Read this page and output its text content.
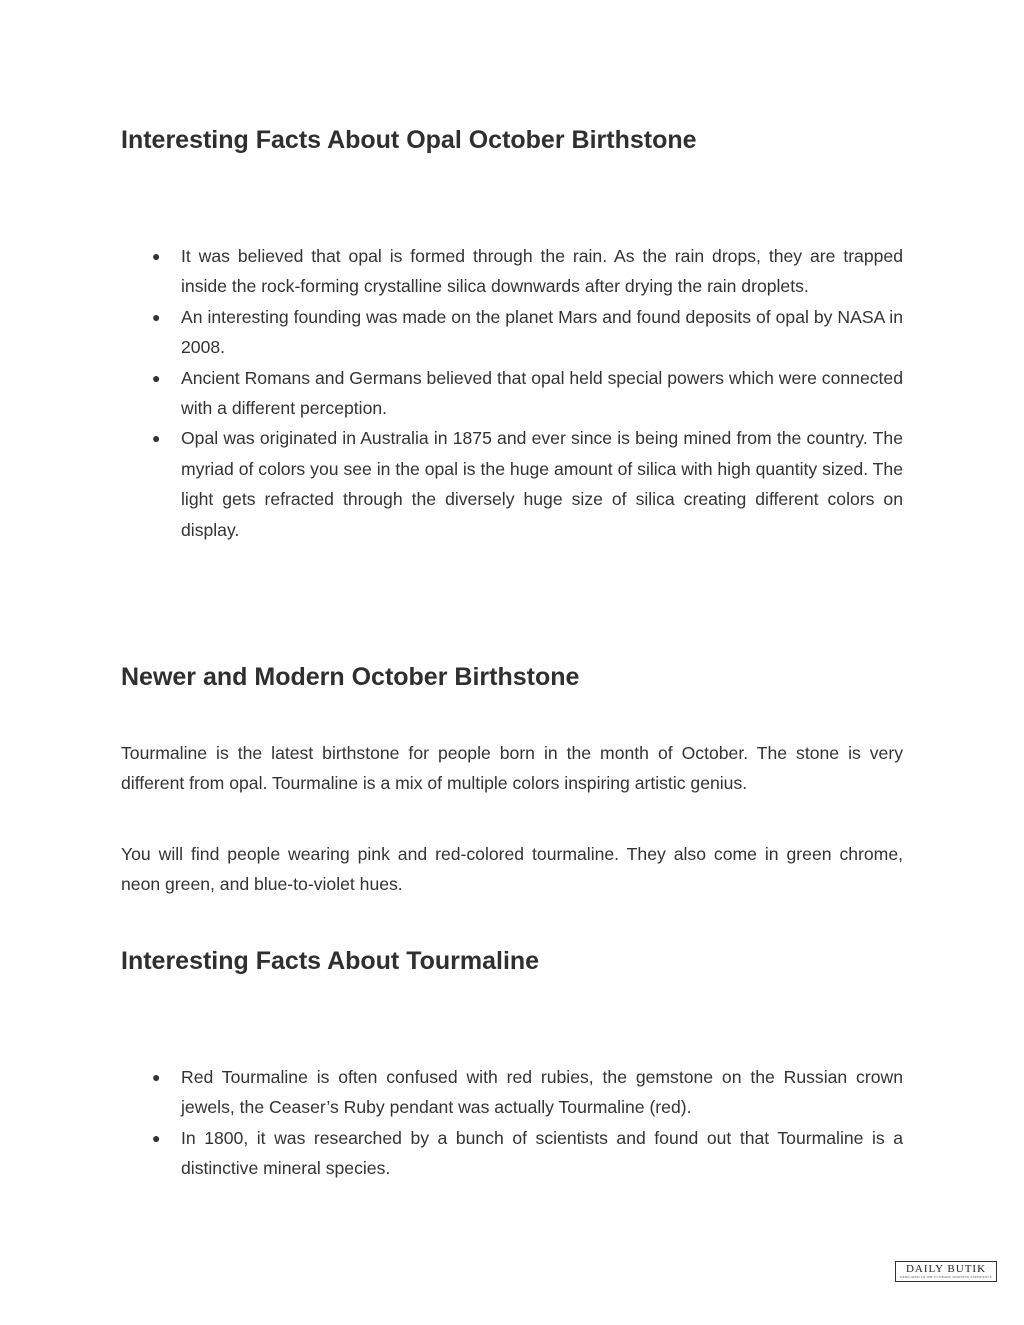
Interesting Facts About Opal October Birthstone
● It was believed that opal is formed through the rain. As the rain drops, they are trapped inside the rock-forming crystalline silica downwards after drying the rain droplets.
● An interesting founding was made on the planet Mars and found deposits of opal by NASA in 2008.
● Ancient Romans and Germans believed that opal held special powers which were connected with a different perception.
● Opal was originated in Australia in 1875 and ever since is being mined from the country. The myriad of colors you see in the opal is the huge amount of silica with high quantity sized. The light gets refracted through the diversely huge size of silica creating different colors on display.
Newer and Modern October Birthstone

Tourmaline is the latest birthstone for people born in the month of October. The stone is very different from opal. Tourmaline is a mix of multiple colors inspiring artistic genius.

You will find people wearing pink and red-colored tourmaline. They also come in green chrome, neon green, and blue-to-violet hues.

Interesting Facts About Tourmaline
● Red Tourmaline is often confused with red rubies, the gemstone on the Russian crown jewels, the Ceaser’s Ruby pendant was actually Tourmaline (red).
● In 1800, it was researched by a bunch of scientists and found out that Tourmaline is a distinctive mineral species.
DAILY BUTIK
DEDICATED TO THE ULTIMATE SHOPPING EXPERIENCE
